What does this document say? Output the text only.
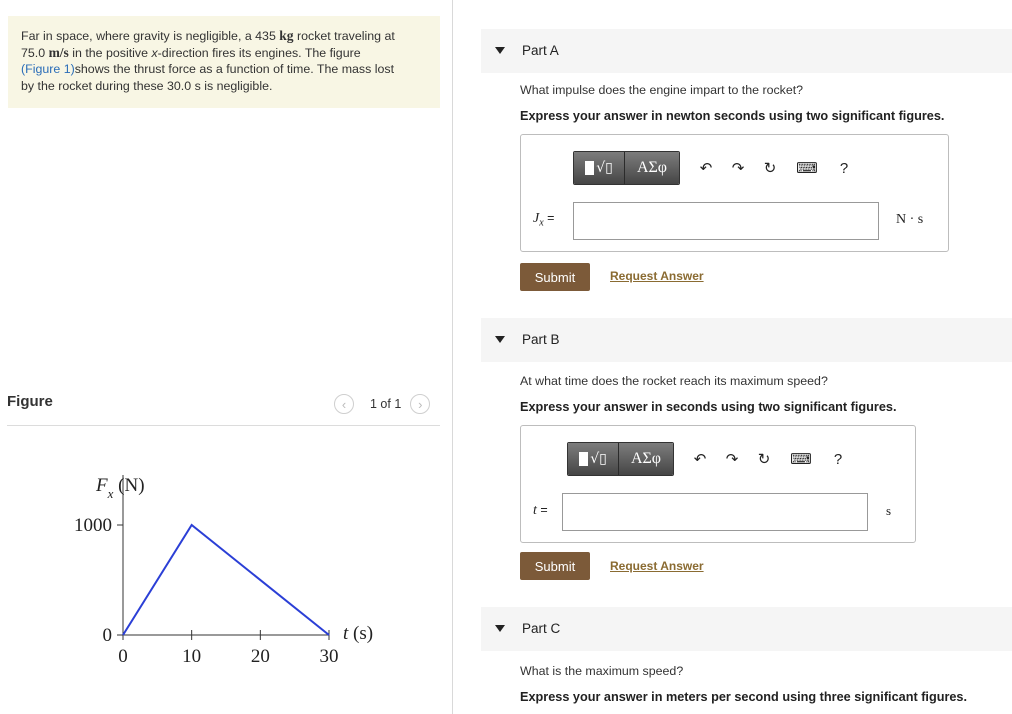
Far in space, where gravity is negligible, a 435 kg rocket traveling at
75.0 m/s in the positive x-direction fires its engines. The figure
(Figure 1)shows the thrust force as a function of time. The mass lost
by the rocket during these 30.0 s is negligible.
Figure	‹	1 of 1	›
0	10	20	30
0
1000
$F_x$ (N)
t (s)
Part A
What impulse does the engine impart to the rocket?
Express your answer in newton seconds using two significant figures.
√▯	ΑΣφ	↶	↷	↻	⌨	?
$J_x$ =	N · s
Submit	Request Answer
Part B
At what time does the rocket reach its maximum speed?
Express your answer in seconds using two significant figures.
√▯	ΑΣφ	↶	↷	↻	⌨	?
t =	s
Submit	Request Answer
Part C
What is the maximum speed?
Express your answer in meters per second using three significant figures.
